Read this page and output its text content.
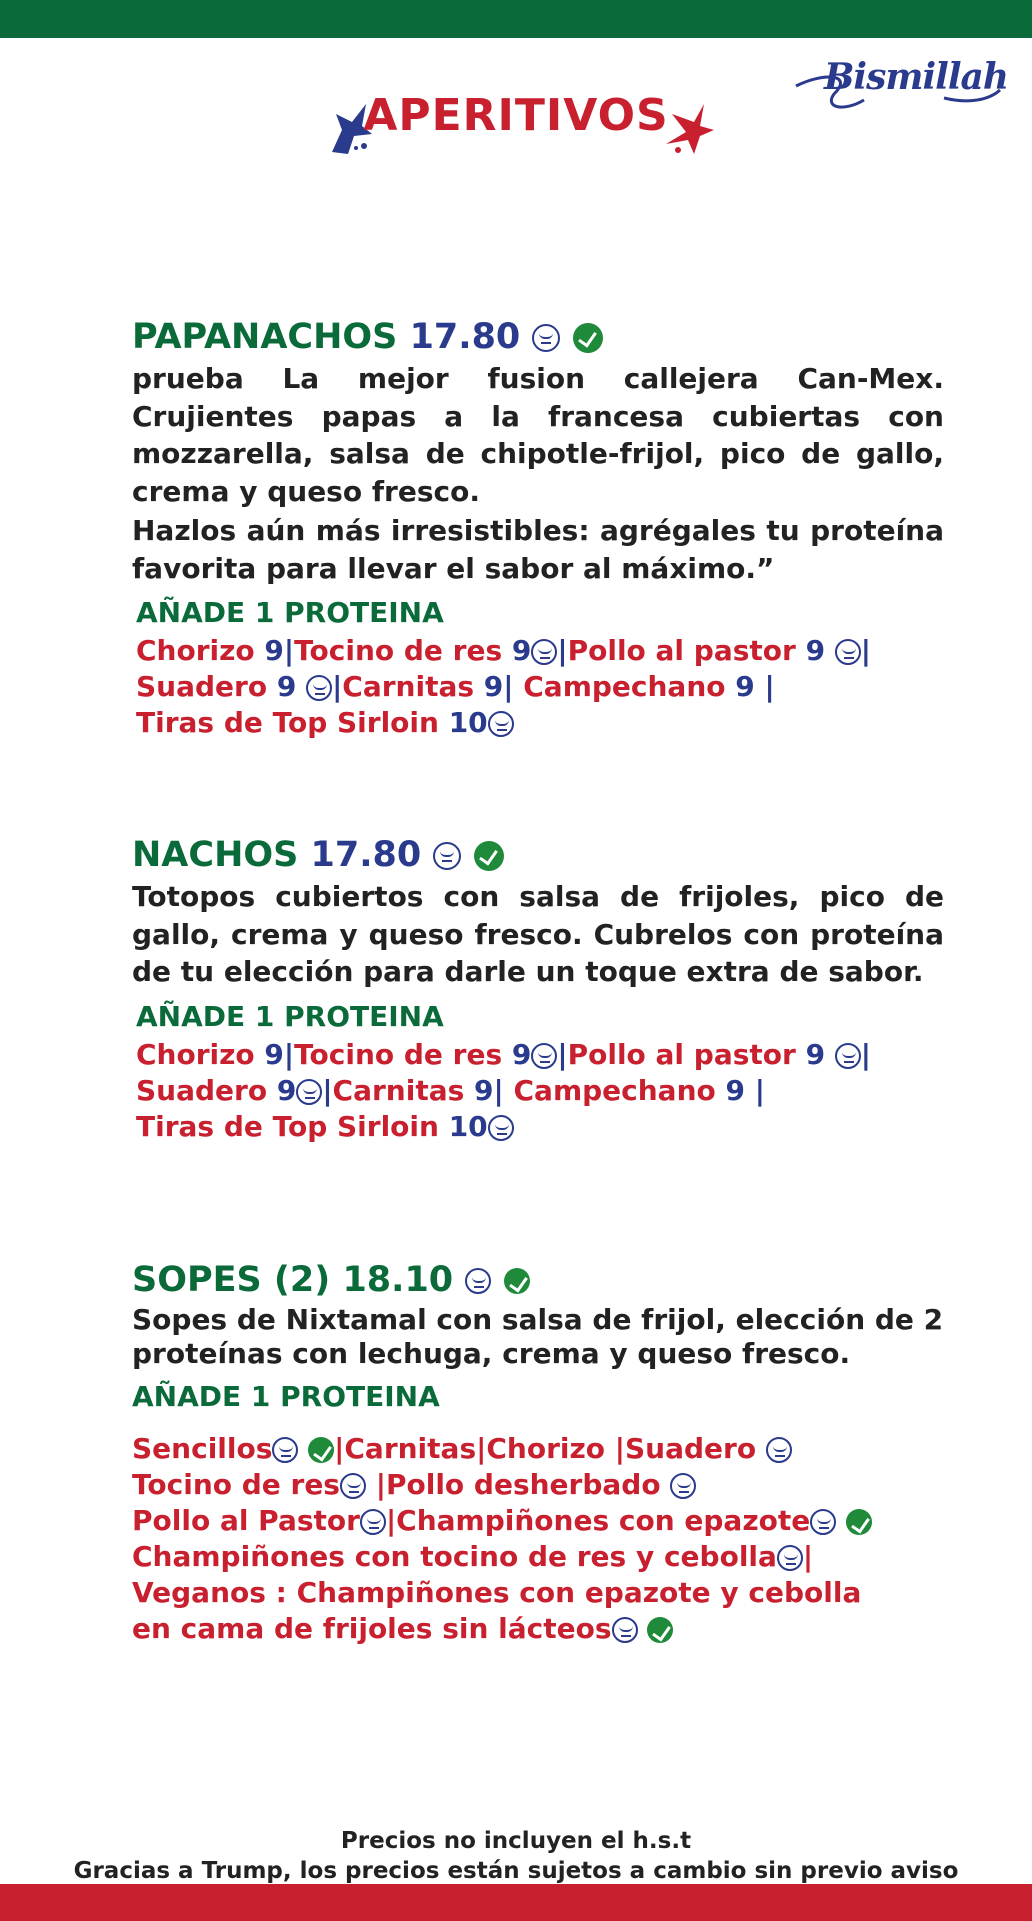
Bismillah
APERITIVOS
PAPANACHOS 17.80

prueba La mejor fusion callejera Can-Mex. Crujientes papas a la francesa cubiertas con mozzarella, salsa de chipotle-frijol, pico de gallo, crema y queso fresco.

Hazlos aún más irresistibles: agrégales tu proteína favorita para llevar el sabor al máximo.”

AÑADE 1 PROTEINA
Chorizo 9|Tocino de res 9 |Pollo al pastor 9 |
Suadero 9 |Carnitas 9| Campechano 9 |
Tiras de Top Sirloin 10
NACHOS 17.80

Totopos cubiertos con salsa de frijoles, pico de gallo, crema y queso fresco. Cubrelos con proteína de tu elección para darle un toque extra de sabor.

AÑADE 1 PROTEINA
Chorizo 9|Tocino de res 9 |Pollo al pastor 9 |
Suadero 9 |Carnitas 9| Campechano 9 |
Tiras de Top Sirloin 10
SOPES (2) 18.10

Sopes de Nixtamal con salsa de frijol, elección de 2 proteínas con lechuga, crema y queso fresco.

AÑADE 1 PROTEINA
Sencillos |Carnitas|Chorizo |Suadero
Tocino de res |Pollo desherbado
Pollo al Pastor |Champiñones con epazote
Champiñones con tocino de res y cebolla |
Veganos : Champiñones con epazote y cebolla
en cama de frijoles sin lácteos
Precios no incluyen el h.s.t
Gracias a Trump, los precios están sujetos a cambio sin previo aviso
